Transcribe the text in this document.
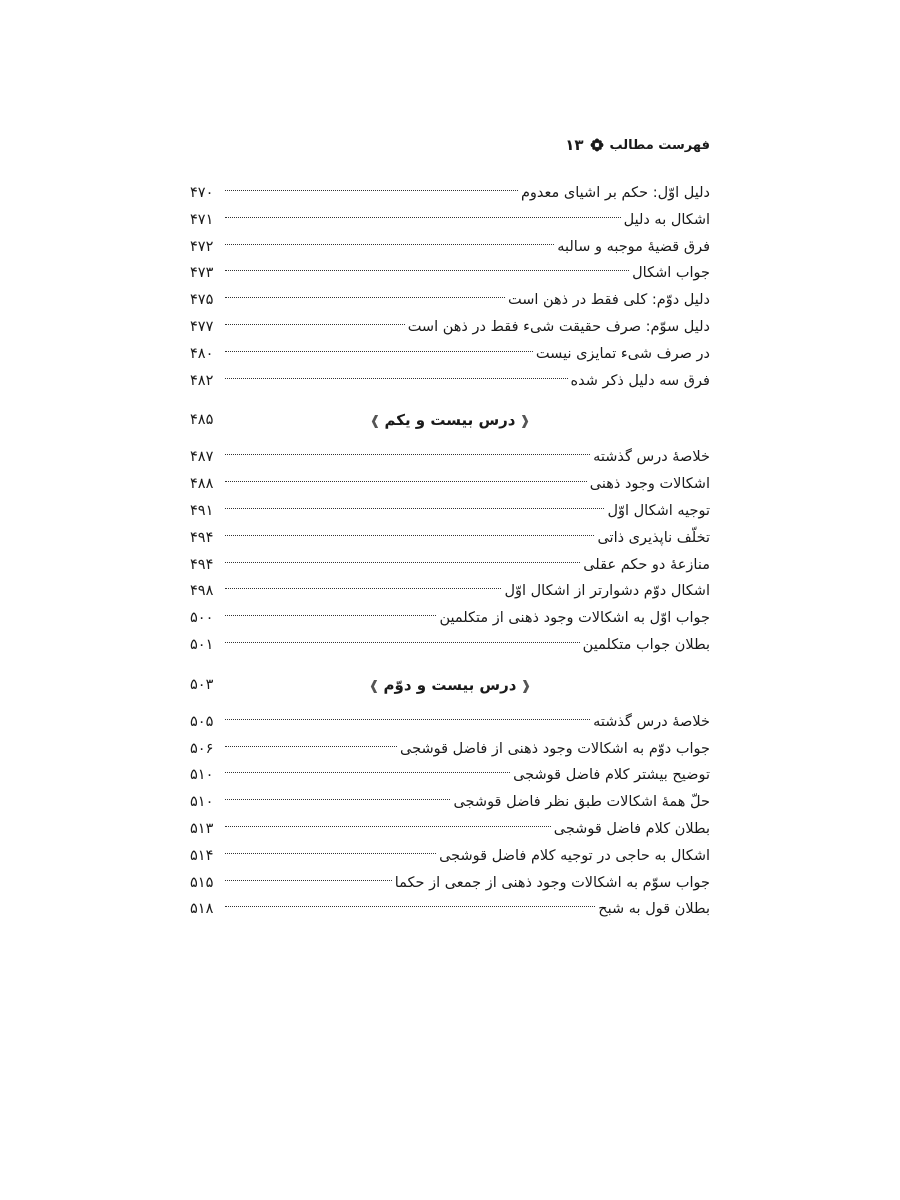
فهرست مطالب
۱۳
دلیل اوّل: حکم بر اشیای معدوم
۴۷۰
اشکال به دلیل
۴۷۱
فرق قضیهٔ موجبه و سالبه
۴۷۲
جواب اشکال
۴۷۳
دلیل دوّم: کلی فقط در ذهن است
۴۷۵
دلیل سوّم: صرف حقیقت شیء فقط در ذهن است
۴۷۷
در صرف شیء تمایزی نیست
۴۸۰
فرق سه دلیل ذکر شده
۴۸۲
❰درس بیست و یکم❱
۴۸۵
خلاصهٔ درس گذشته
۴۸۷
اشکالات وجود ذهنی
۴۸۸
توجیه اشکال اوّل
۴۹۱
تخلّف ناپذیری ذاتی
۴۹۴
منازعهٔ دو حکم عقلی
۴۹۴
اشکال دوّم دشوارتر از اشکال اوّل
۴۹۸
جواب اوّل به اشکالات وجود ذهنی از متکلمین
۵۰۰
بطلان جواب متکلمین
۵۰۱
❰درس بیست و دوّم❱
۵۰۳
خلاصهٔ درس گذشته
۵۰۵
جواب دوّم به اشکالات وجود ذهنی از فاضل قوشجی
۵۰۶
توضیح بیشتر کلام فاضل قوشجی
۵۱۰
حلّ همهٔ اشکالات طبق نظر فاضل قوشجی
۵۱۰
بطلان کلام فاضل قوشجی
۵۱۳
اشکال به حاجی در توجیه کلام فاضل قوشجی
۵۱۴
جواب سوّم به اشکالات وجود ذهنی از جمعی از حکما
۵۱۵
بطلان قول به شبح
۵۱۸
